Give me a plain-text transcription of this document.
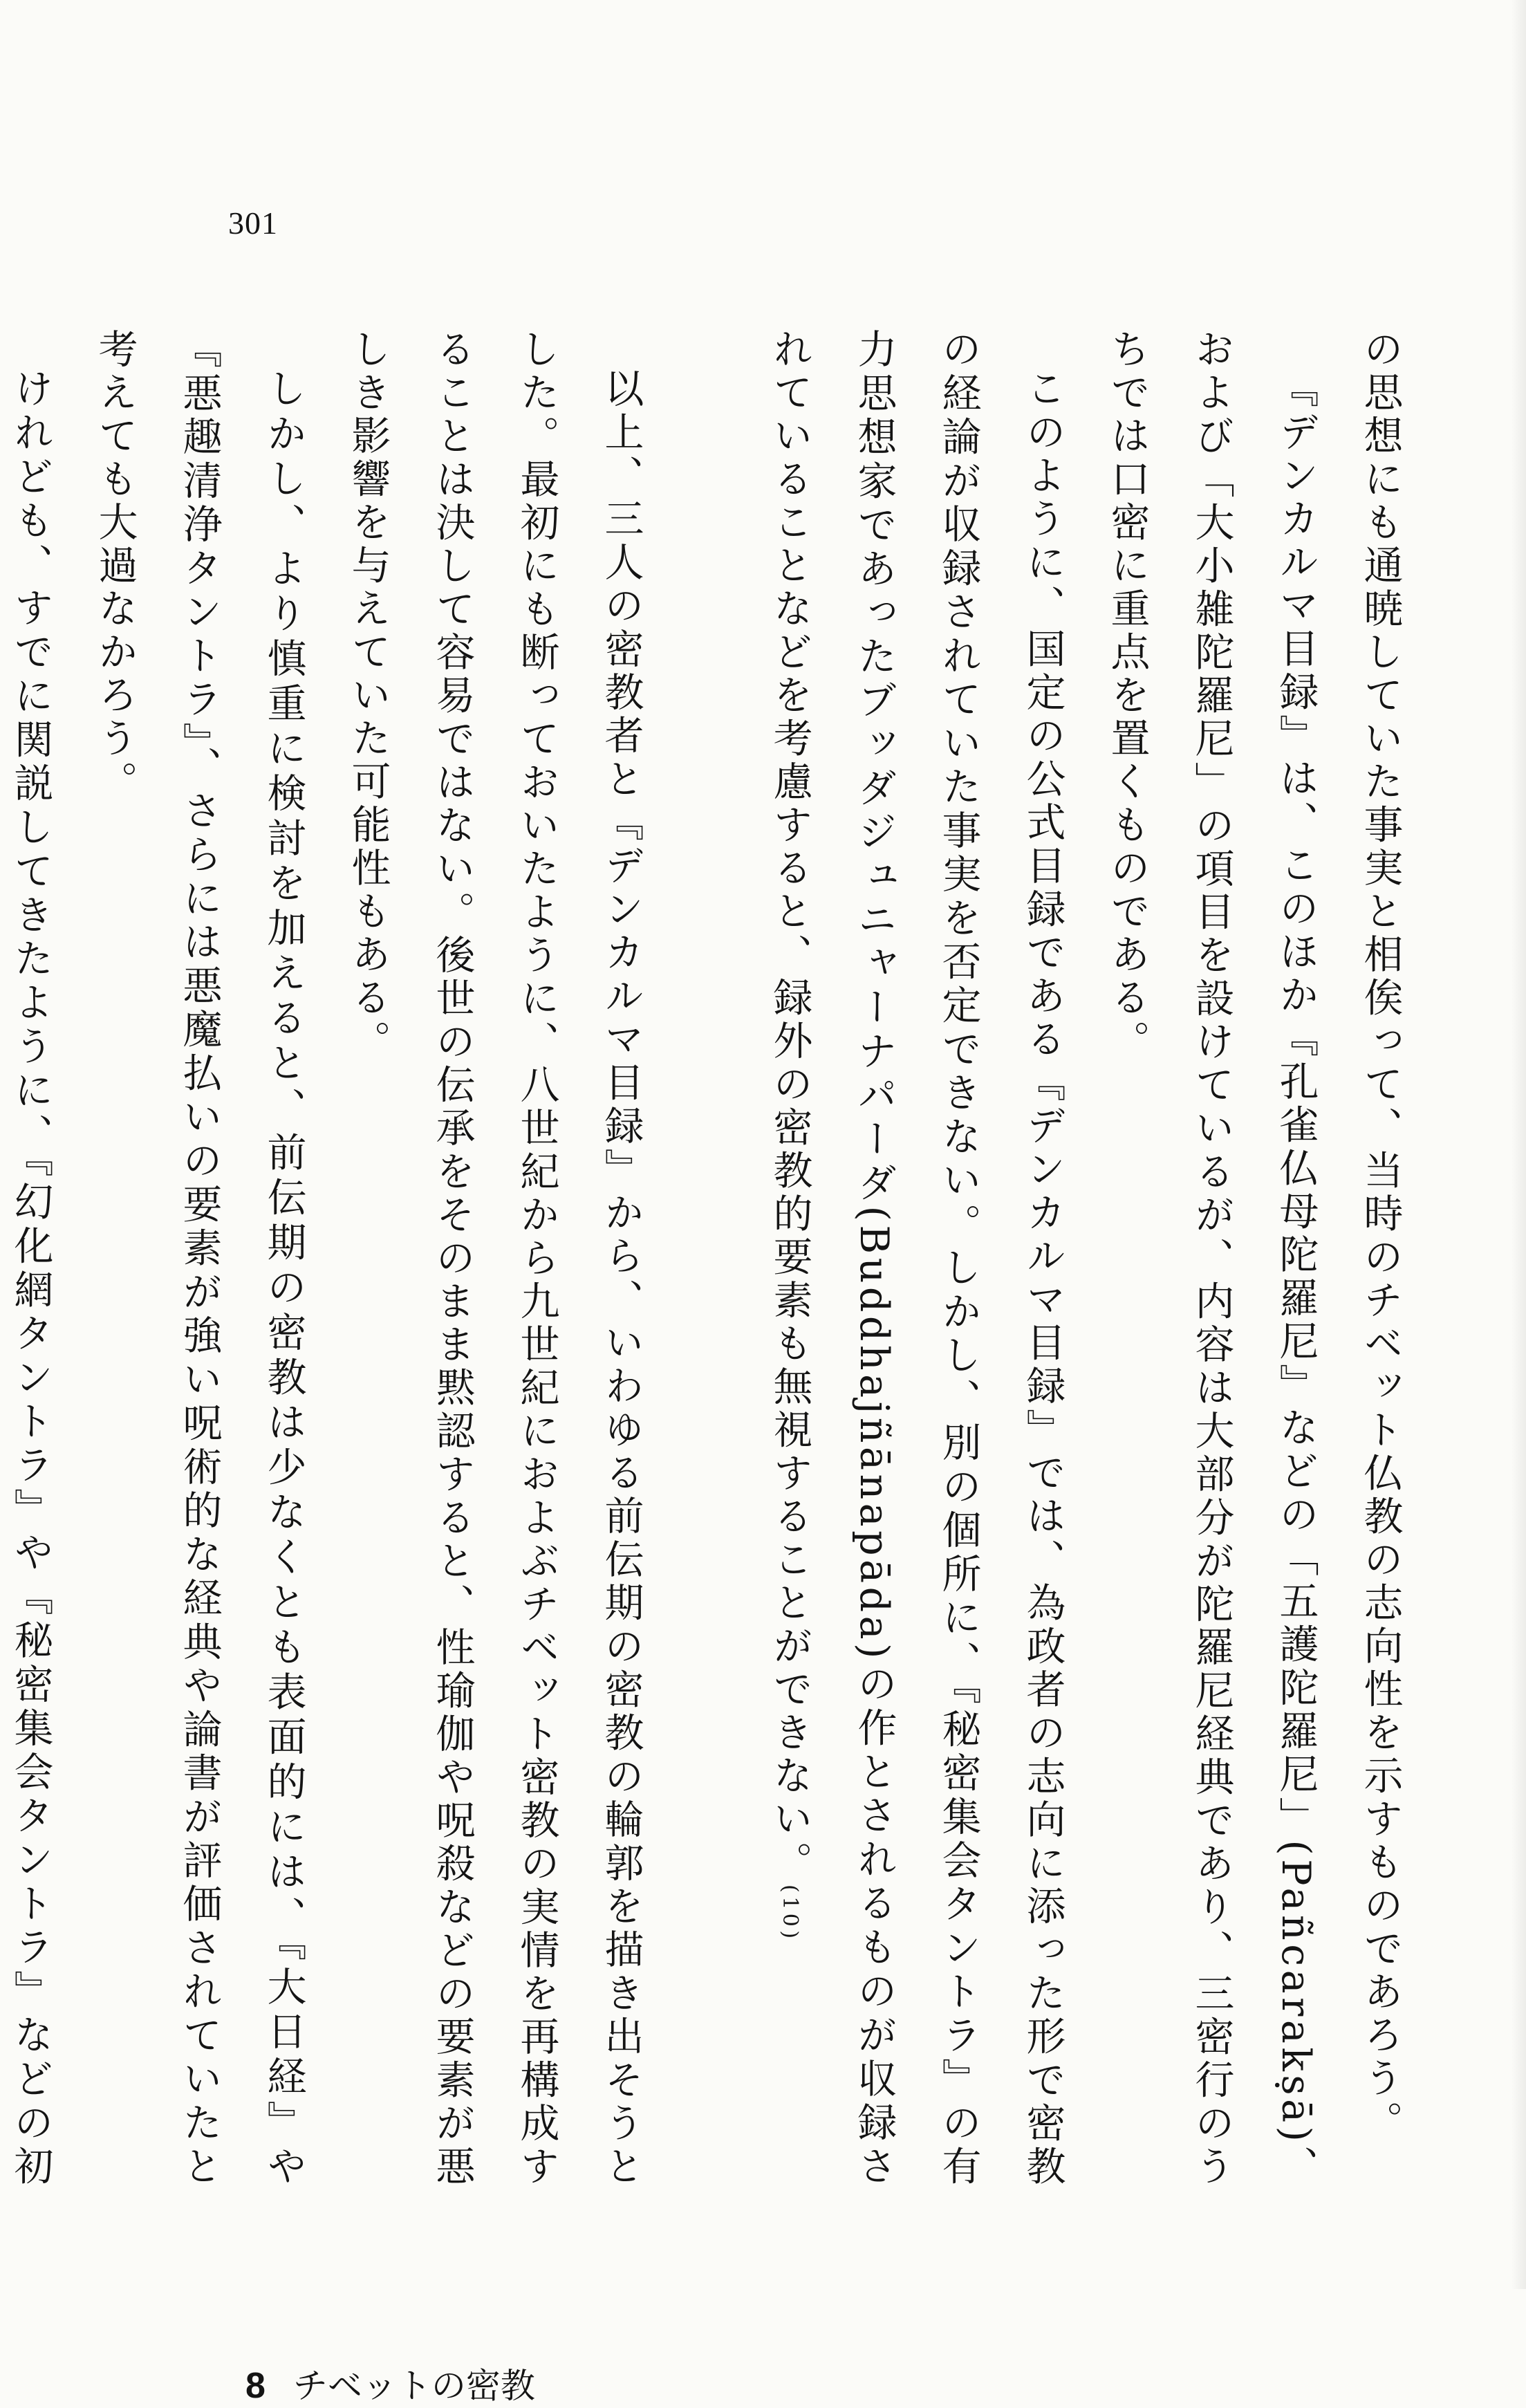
301

の思想にも通暁していた事実と相俟って、当時のチベット仏教の志向性を示すものであろう。

『デンカルマ目録』は、このほか『孔雀仏母陀羅尼』などの「五護陀羅尼」(Pañcarakṣā)、および「大小雑陀羅尼」の項目を設けているが、内容は大部分が陀羅尼経典であり、三密行のうちでは口密に重点を置くものである。

このように、国定の公式目録である『デンカルマ目録』では、為政者の志向に添った形で密教の経論が収録されていた事実を否定できない。しかし、別の個所に、『秘密集会タントラ』の有力思想家であったブッダジュニャーナパーダ(Buddhajñānapāda)の作とされるものが収録されていることなどを考慮すると、録外の密教的要素も無視することができない。(10)

以上、三人の密教者と『デンカルマ目録』から、いわゆる前伝期の密教の輪郭を描き出そうとした。最初にも断っておいたように、八世紀から九世紀におよぶチベット密教の実情を再構成することは決して容易ではない。後世の伝承をそのまま黙認すると、性瑜伽や呪殺などの要素が悪しき影響を与えていた可能性もある。

しかし、より慎重に検討を加えると、前伝期の密教は少なくとも表面的には、『大日経』や『悪趣清浄タントラ』、さらには悪魔払いの要素が強い呪術的な経典や論書が評価されていたと考えても大過なかろう。

けれども、すでに関説してきたように、『幻化網タントラ』や『秘密集会タントラ』などの初

8 チベットの密教
